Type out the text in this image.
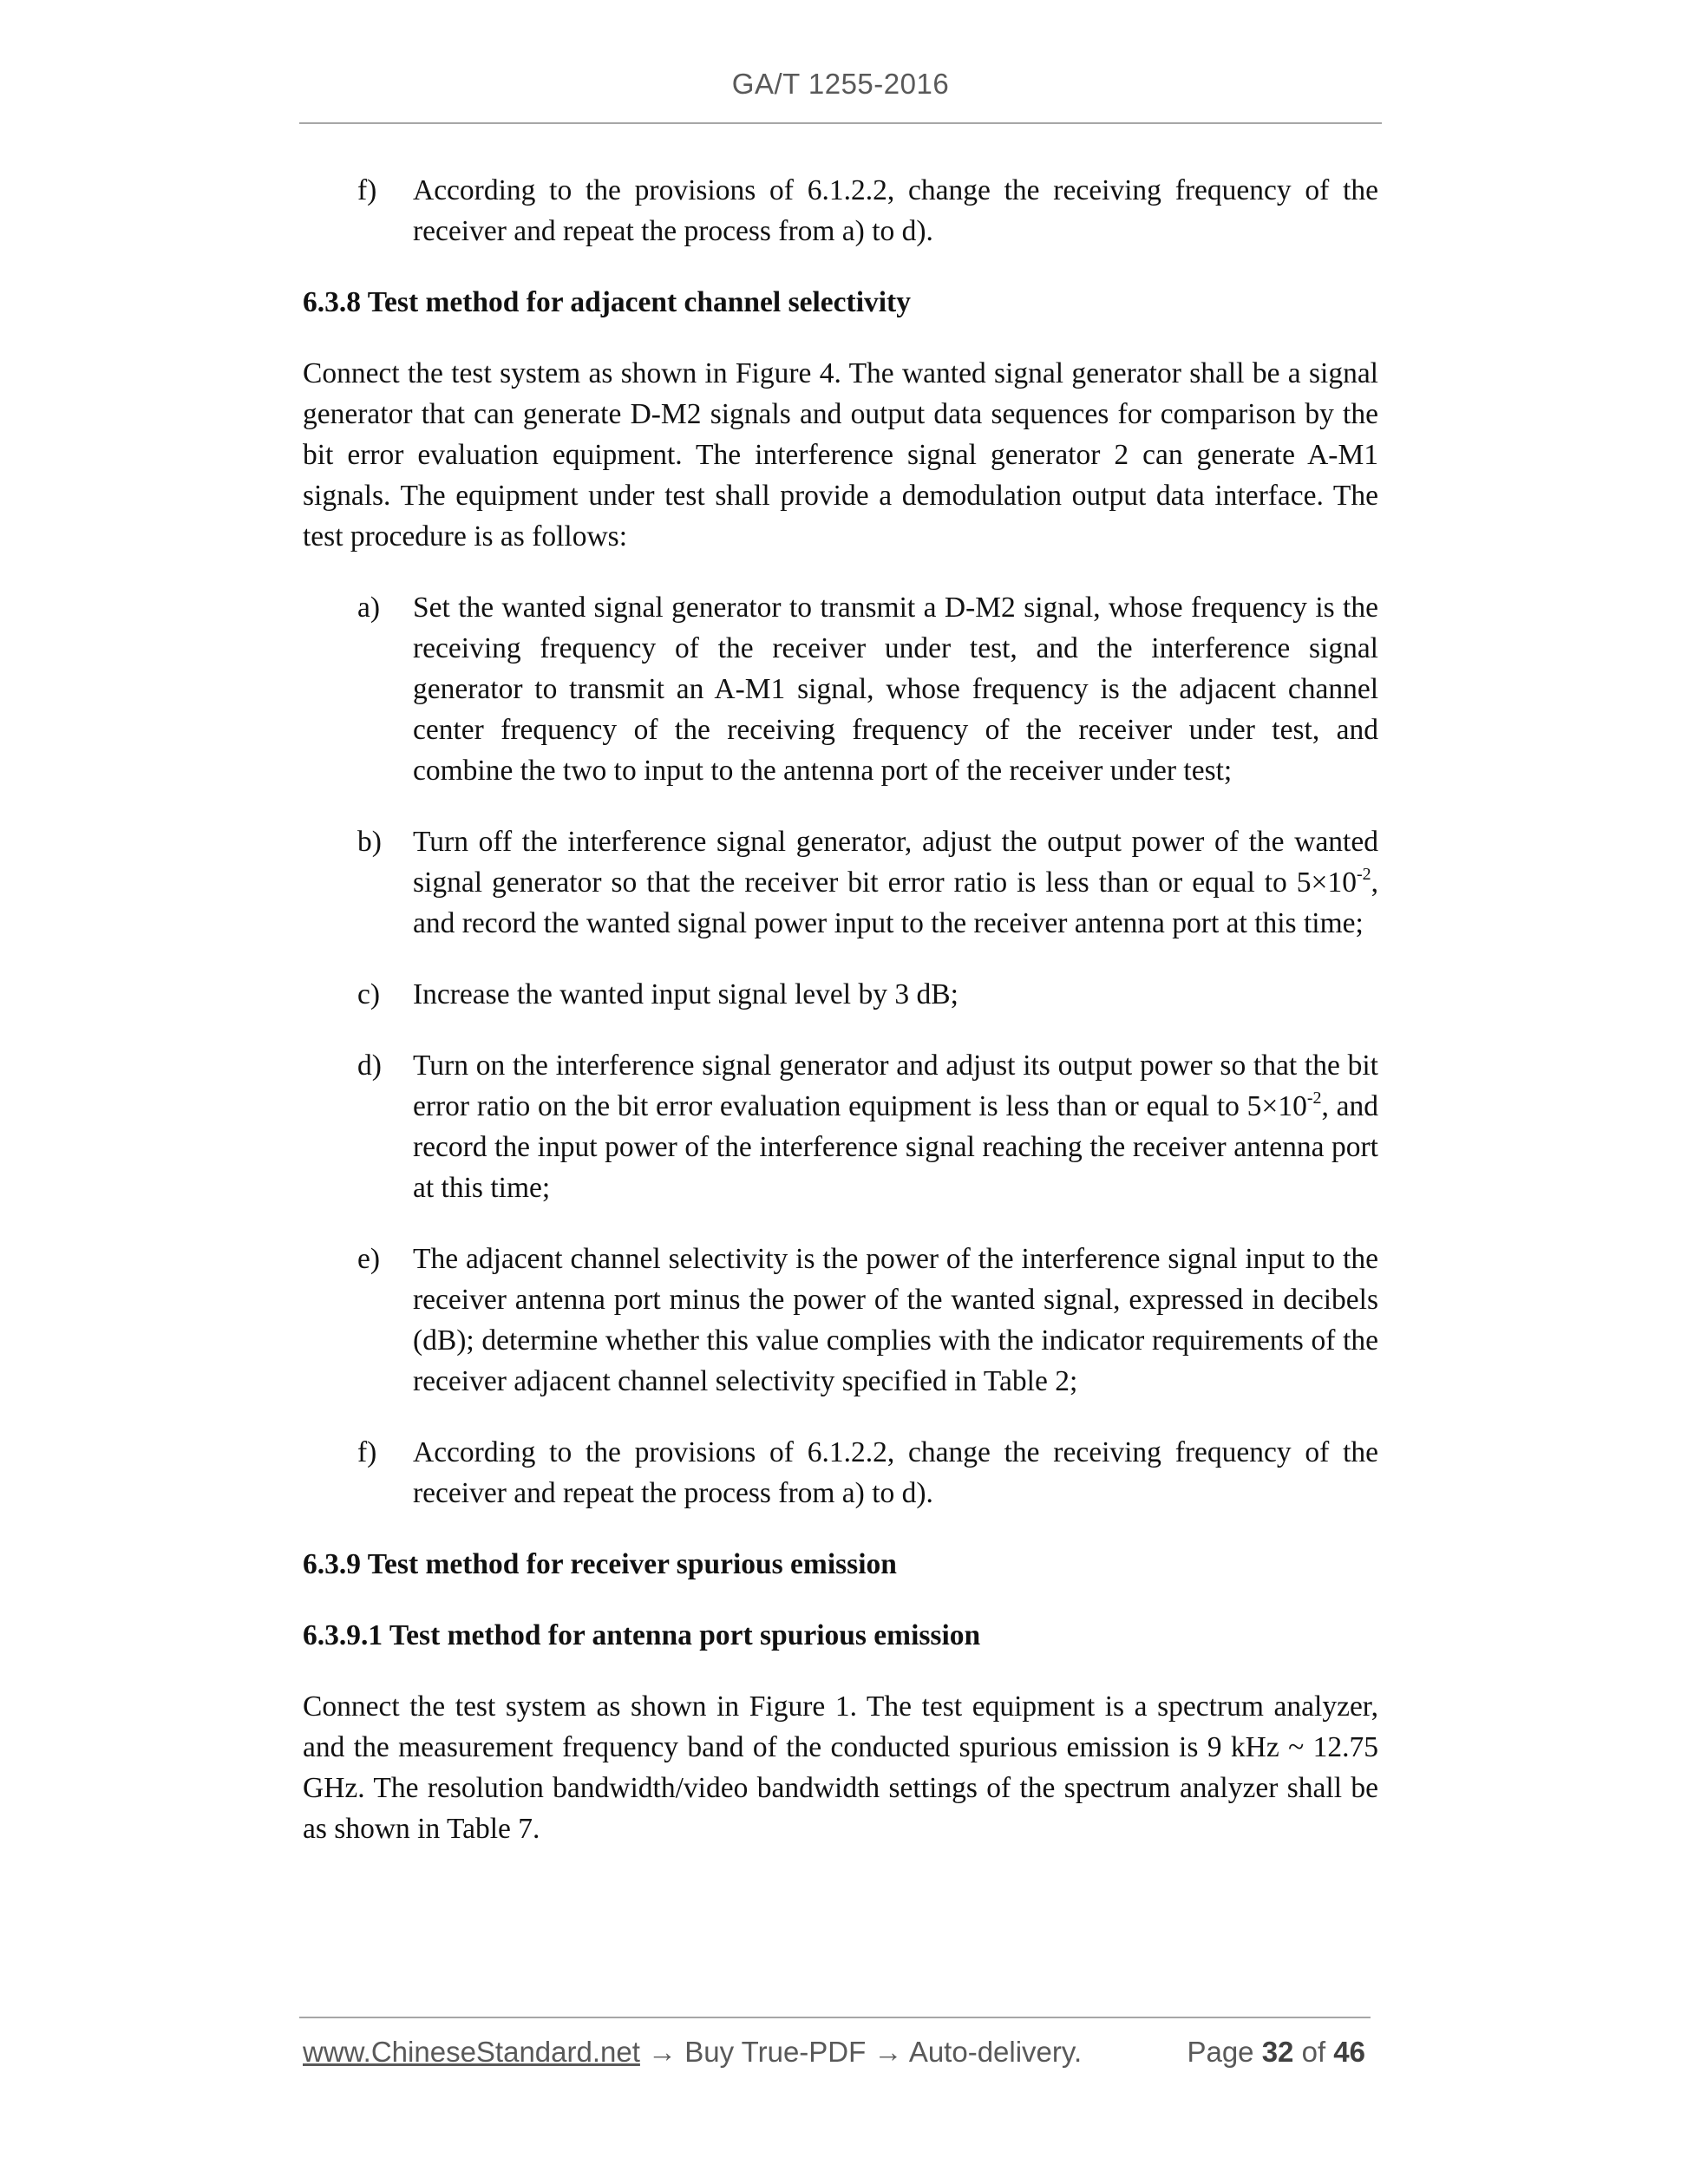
GA/T 1255-2016
f)	According to the provisions of 6.1.2.2, change the receiving frequency of the receiver and repeat the process from a) to d).
6.3.8 Test method for adjacent channel selectivity

Connect the test system as shown in Figure 4. The wanted signal generator shall be a signal generator that can generate D-M2 signals and output data sequences for comparison by the bit error evaluation equipment. The interference signal generator 2 can generate A-M1 signals. The equipment under test shall provide a demodulation output data interface. The test procedure is as follows:

a)	Set the wanted signal generator to transmit a D-M2 signal, whose frequency is the receiving frequency of the receiver under test, and the interference signal generator to transmit an A-M1 signal, whose frequency is the adjacent channel center frequency of the receiving frequency of the receiver under test, and combine the two to input to the antenna port of the receiver under test;
b)	Turn off the interference signal generator, adjust the output power of the wanted signal generator so that the receiver bit error ratio is less than or equal to $5\times 10^{-2}$, and record the wanted signal power input to the receiver antenna port at this time;
c)	Increase the wanted input signal level by 3 dB;
d)	Turn on the interference signal generator and adjust its output power so that the bit error ratio on the bit error evaluation equipment is less than or equal to $5\times 10^{-2}$, and record the input power of the interference signal reaching the receiver antenna port at this time;
e)	The adjacent channel selectivity is the power of the interference signal input to the receiver antenna port minus the power of the wanted signal, expressed in decibels (dB); determine whether this value complies with the indicator requirements of the receiver adjacent channel selectivity specified in Table 2;
f)	According to the provisions of 6.1.2.2, change the receiving frequency of the receiver and repeat the process from a) to d).
6.3.9 Test method for receiver spurious emission
6.3.9.1 Test method for antenna port spurious emission

Connect the test system as shown in Figure 1. The test equipment is a spectrum analyzer, and the measurement frequency band of the conducted spurious emission is 9 kHz ~ 12.75 GHz. The resolution bandwidth/video bandwidth settings of the spectrum analyzer shall be as shown in Table 7.

www.ChineseStandard.net → Buy True-PDF → Auto-delivery.	Page 32 of 46
